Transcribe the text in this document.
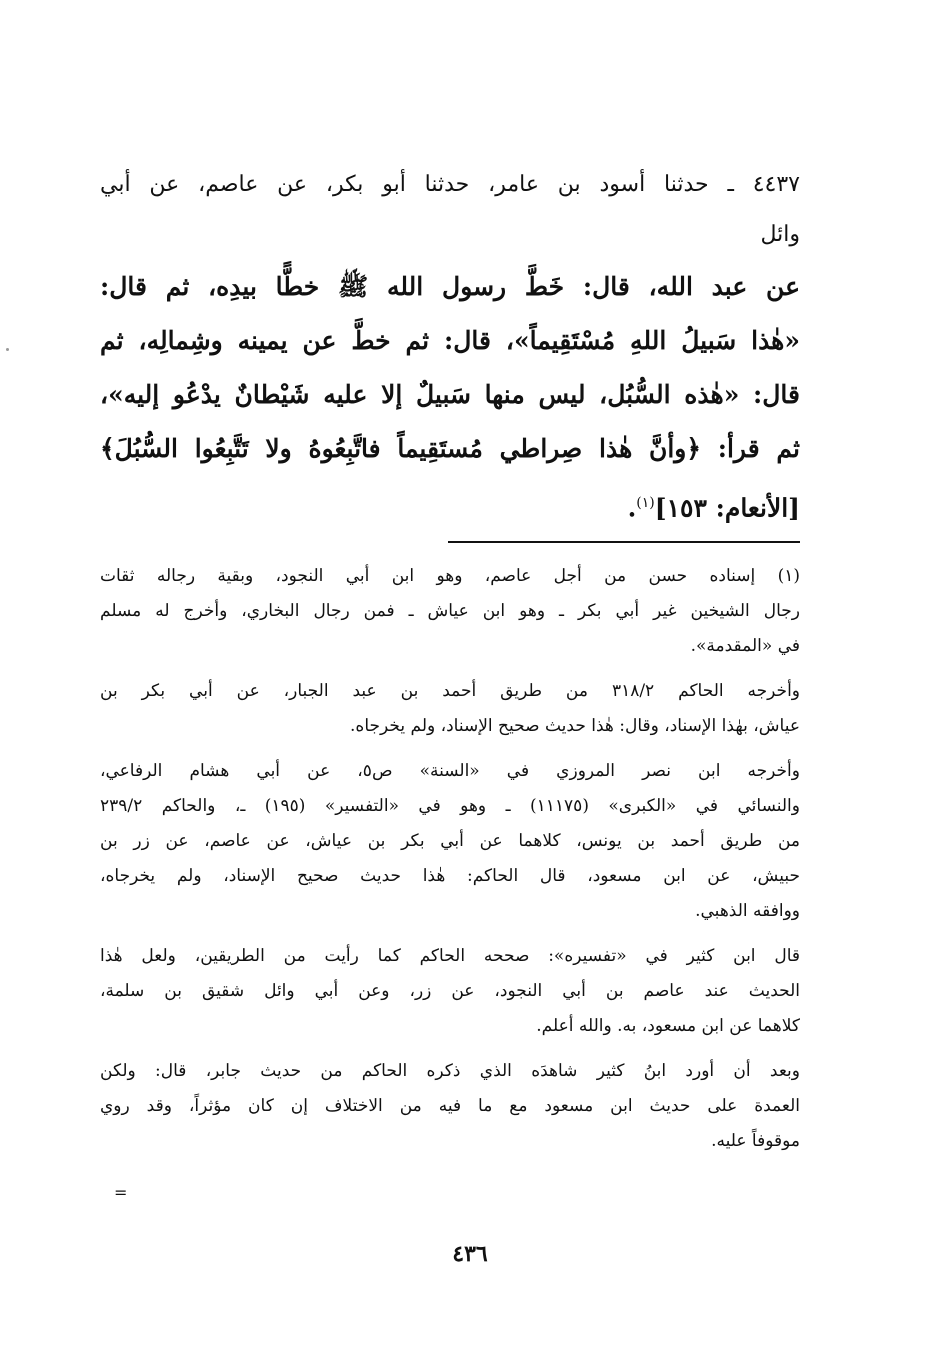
٤٤٣٧ ـ حدثنا أسود بن عامر، حدثنا أبو بكر، عن عاصم، عن أبي
وائل
عن عبد الله، قال: خَطَّ رسول الله ﷺ خطًّا بيدِه، ثم قال:
«هٰذا سَبيلُ اللهِ مُسْتَقِيماً»، قال: ثم خطَّ عن يمينه وشِمالِه، ثم
قال: «هٰذه السُّبُل، ليس منها سَبيلٌ إلا عليه شَيْطانٌ يدْعُو إليه»،
ثم قرأ: ﴿وأنَّ هٰذا صِراطي مُستَقِيماً فاتَّبِعُوهُ ولا تَتَّبِعُوا السُّبُلَ﴾
[الأنعام: ١٥٣]$^{(١)}$.
(١) إسناده حسن من أجل عاصم، وهو ابن أبي النجود، وبقية رجاله ثقات
رجال الشيخين غير أبي بكر ـ وهو ابن عياش ـ فمن رجال البخاري، وأخرج له مسلم
في «المقدمة».
وأخرجه الحاكم ٣١٨/٢ من طريق أحمد بن عبد الجبار، عن أبي بكر بن
عياش، بهٰذا الإسناد، وقال: هٰذا حديث صحيح الإسناد، ولم يخرجاه.
وأخرجه ابن نصر المروزي في «السنة» ص٥، عن أبي هشام الرفاعي،
والنسائي في «الكبرى» (١١١٧٥) ـ وهو في «التفسير» (١٩٥) ـ، والحاكم ٢٣٩/٢
من طريق أحمد بن يونس، كلاهما عن أبي بكر بن عياش، عن عاصم، عن زر بن
حبيش، عن ابن مسعود، قال الحاكم: هٰذا حديث صحيح الإسناد، ولم يخرجاه،
ووافقه الذهبي.
قال ابن كثير في «تفسيره»: صححه الحاكم كما رأيت من الطريقين، ولعل هٰذا
الحديث عند عاصم بن أبي النجود، عن زر، وعن أبي وائل شقيق بن سلمة،
كلاهما عن ابن مسعود، به. والله أعلم.
وبعد أن أورد ابنُ كثير شاهدَه الذي ذكره الحاكم من حديث جابر، قال: ولكن
العمدة على حديث ابن مسعود مع ما فيه من الاختلاف إن كان مؤثراً، وقد روي
موقوفاً عليه.
=
٤٣٦
